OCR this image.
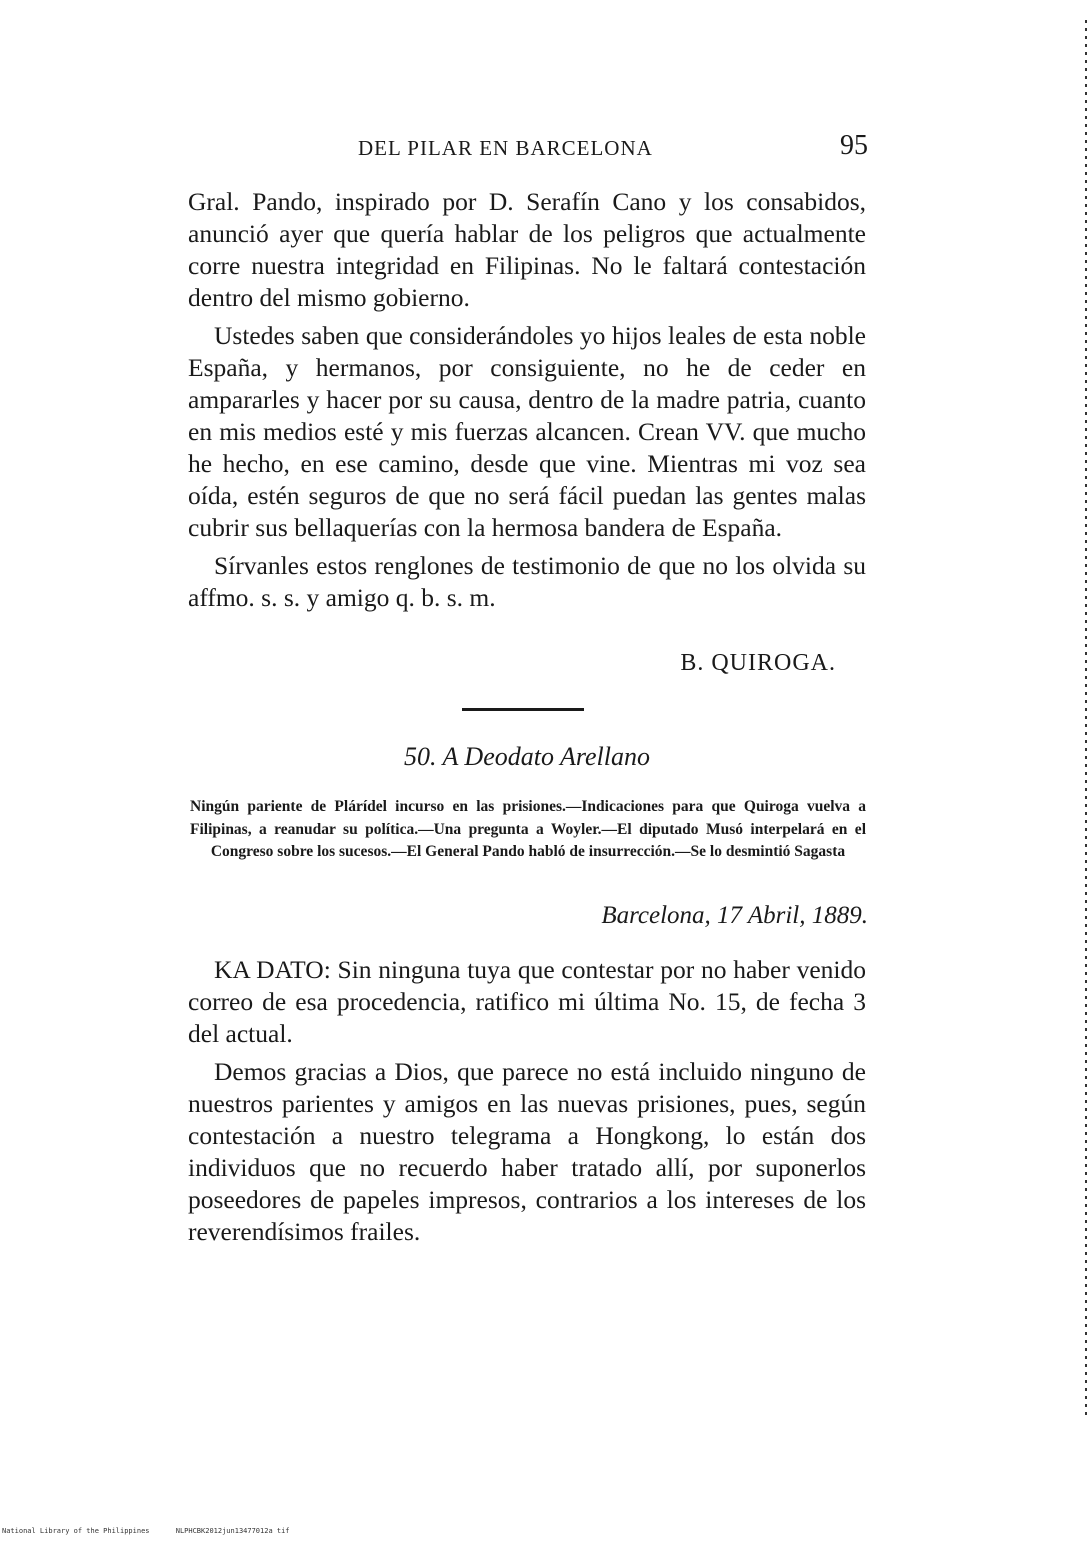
DEL PILAR EN BARCELONA	95

Gral. Pando, inspirado por D. Serafín Cano y los consabidos, anunció ayer que quería hablar de los peligros que actualmente corre nuestra integridad en Filipinas. No le faltará contestación dentro del mismo gobierno.

Ustedes saben que considerándoles yo hijos leales de esta noble España, y hermanos, por consiguiente, no he de ceder en ampararles y hacer por su causa, dentro de la madre patria, cuanto en mis medios esté y mis fuerzas alcancen. Crean VV. que mucho he hecho, en ese camino, desde que vine. Mientras mi voz sea oída, estén seguros de que no será fácil puedan las gentes malas cubrir sus bellaquerías con la hermosa bandera de España.

Sírvanles estos renglones de testimonio de que no los olvida su affmo. s. s. y amigo q. b. s. m.

B. QUIROGA.
50. A Deodato Arellano
Ningún pariente de Plárídel incurso en las prisiones.—Indicaciones para que Quiroga vuelva a Filipinas, a reanudar su política.—Una pregunta a Woyler.—El diputado Musó interpelará en el Congreso sobre los sucesos.—El General Pando habló de insurrección.—Se lo desmintió Sagasta
Barcelona, 17 Abril, 1889.

KA DATO: Sin ninguna tuya que contestar por no haber venido correo de esa procedencia, ratifico mi última No. 15, de fecha 3 del actual.

Demos gracias a Dios, que parece no está incluido ninguno de nuestros parientes y amigos en las nuevas prisiones, pues, según contestación a nuestro telegrama a Hongkong, lo están dos individuos que no recuerdo haber tratado allí, por suponerlos poseedores de papeles impresos, contrarios a los intereses de los reverendísimos frailes.

National Library of the Philippines	NLPHCBK2012jun13477012a tif
